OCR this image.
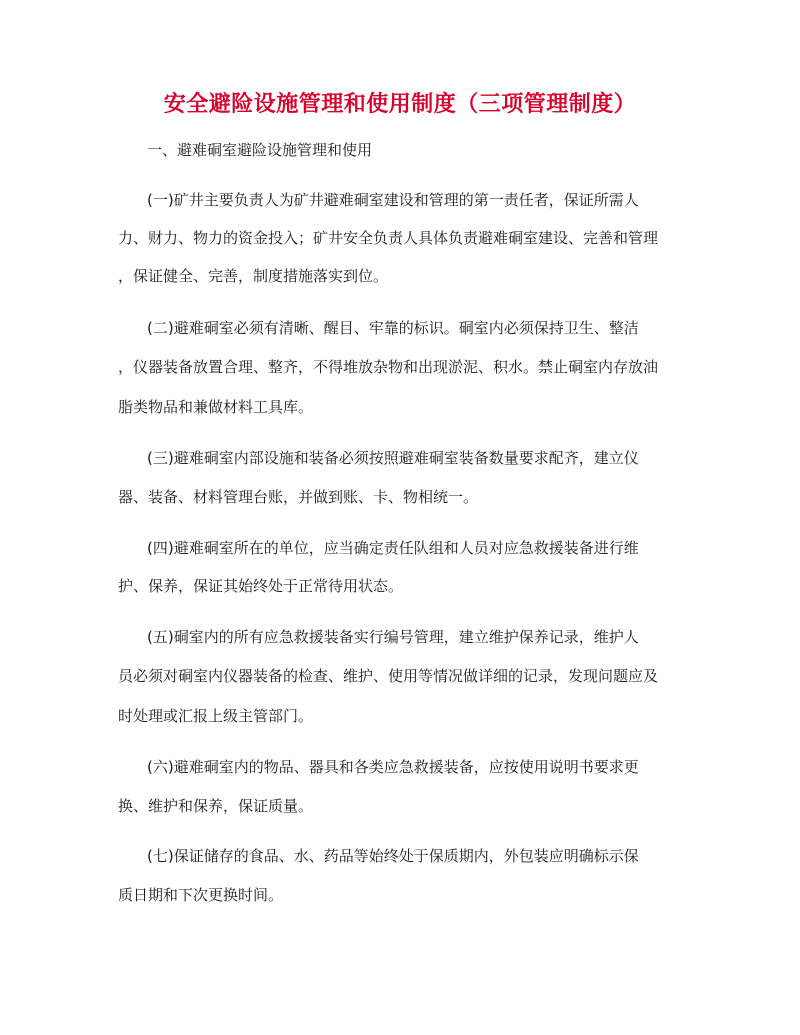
安全避险设施管理和使用制度（三项管理制度）
一、避难硐室避险设施管理和使用
(一)矿井主要负责人为矿井避难硐室建设和管理的第一责任者，保证所需人
力、财力、物力的资金投入；矿井安全负责人具体负责避难硐室建设、完善和管理
，保证健全、完善，制度措施落实到位。
(二)避难硐室必须有清晰、醒目、牢靠的标识。硐室内必须保持卫生、整洁
，仪器装备放置合理、整齐，不得堆放杂物和出现淤泥、积水。禁止硐室内存放油
脂类物品和兼做材料工具库。
(三)避难硐室内部设施和装备必须按照避难硐室装备数量要求配齐，建立仪
器、装备、材料管理台账，并做到账、卡、物相统一。
(四)避难硐室所在的单位，应当确定责任队组和人员对应急救援装备进行维
护、保养，保证其始终处于正常待用状态。
(五)硐室内的所有应急救援装备实行编号管理，建立维护保养记录，维护人
员必须对硐室内仪器装备的检查、维护、使用等情况做详细的记录，发现问题应及
时处理或汇报上级主管部门。
(六)避难硐室内的物品、器具和各类应急救援装备，应按使用说明书要求更
换、维护和保养，保证质量。
(七)保证储存的食品、水、药品等始终处于保质期内，外包装应明确标示保
质日期和下次更换时间。
